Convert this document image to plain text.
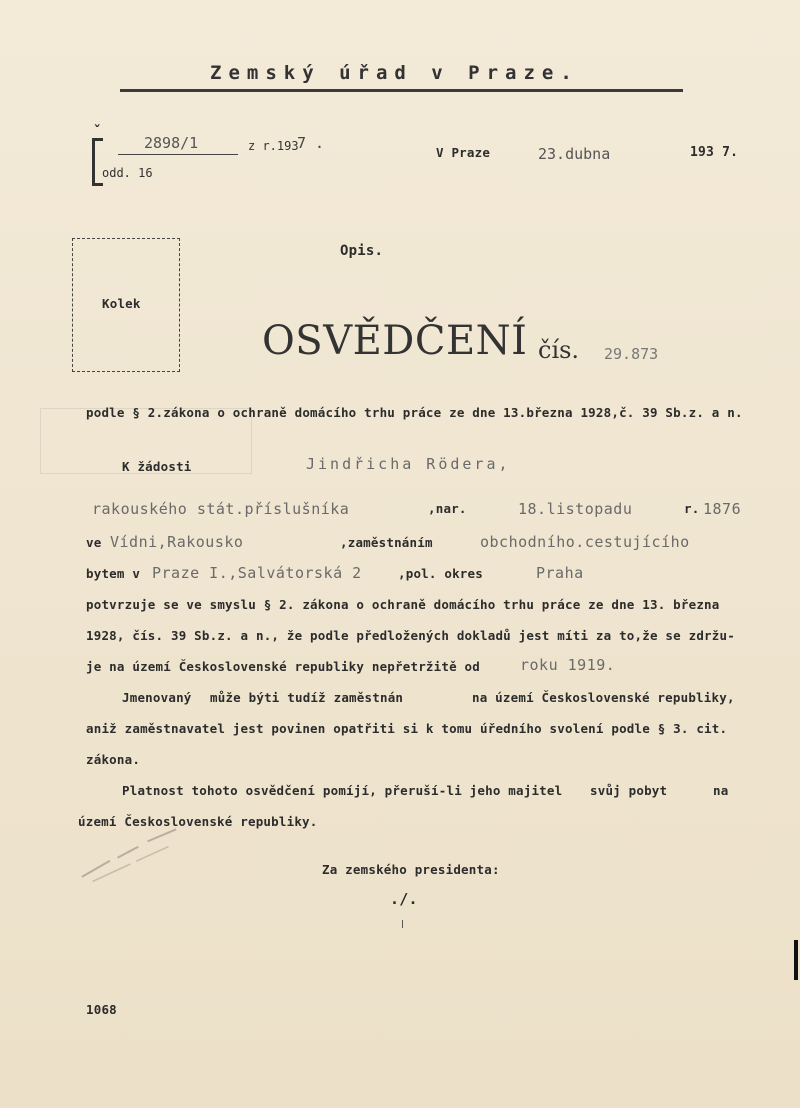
Zemský úřad v Praze.
ˇ
2898/1	z r.193
7 .
odd. 16
V Praze	23.dubna	193 7.
Kolek
Opis.
OSVĚDČENÍ čís. 29.873
podle § 2.zákona o ochraně domácího trhu práce ze dne 13.března 1928,č. 39 Sb.z. a n.
K žádosti	Jindřicha Rödera,
rakouského stát.příslušníka	,nar.	18.listopadu	r. 1876
ve Vídni,Rakousko	,zaměstnáním	obchodního.cestujícího
bytem v Praze I.,Salvátorská 2	,pol. okres	Praha
potvrzuje se ve smyslu § 2. zákona o ochraně domácího trhu práce ze dne 13. března
1928, čís. 39 Sb.z. a n., že podle předložených dokladů jest míti za to,že se zdržu-
je na území Československé republiky nepřetržitě od	roku 1919.
Jmenovaný může býti tudíž zaměstnán	na území Československé republiky,
aniž zaměstnavatel jest povinen opatřiti si k tomu úředního svolení podle § 3. cit.
zákona.
Platnost tohoto osvědčení pomíjí, přeruší-li jeho majitel svůj pobyt	na
území Československé republiky.
Za zemského presidenta:
./.
1068
